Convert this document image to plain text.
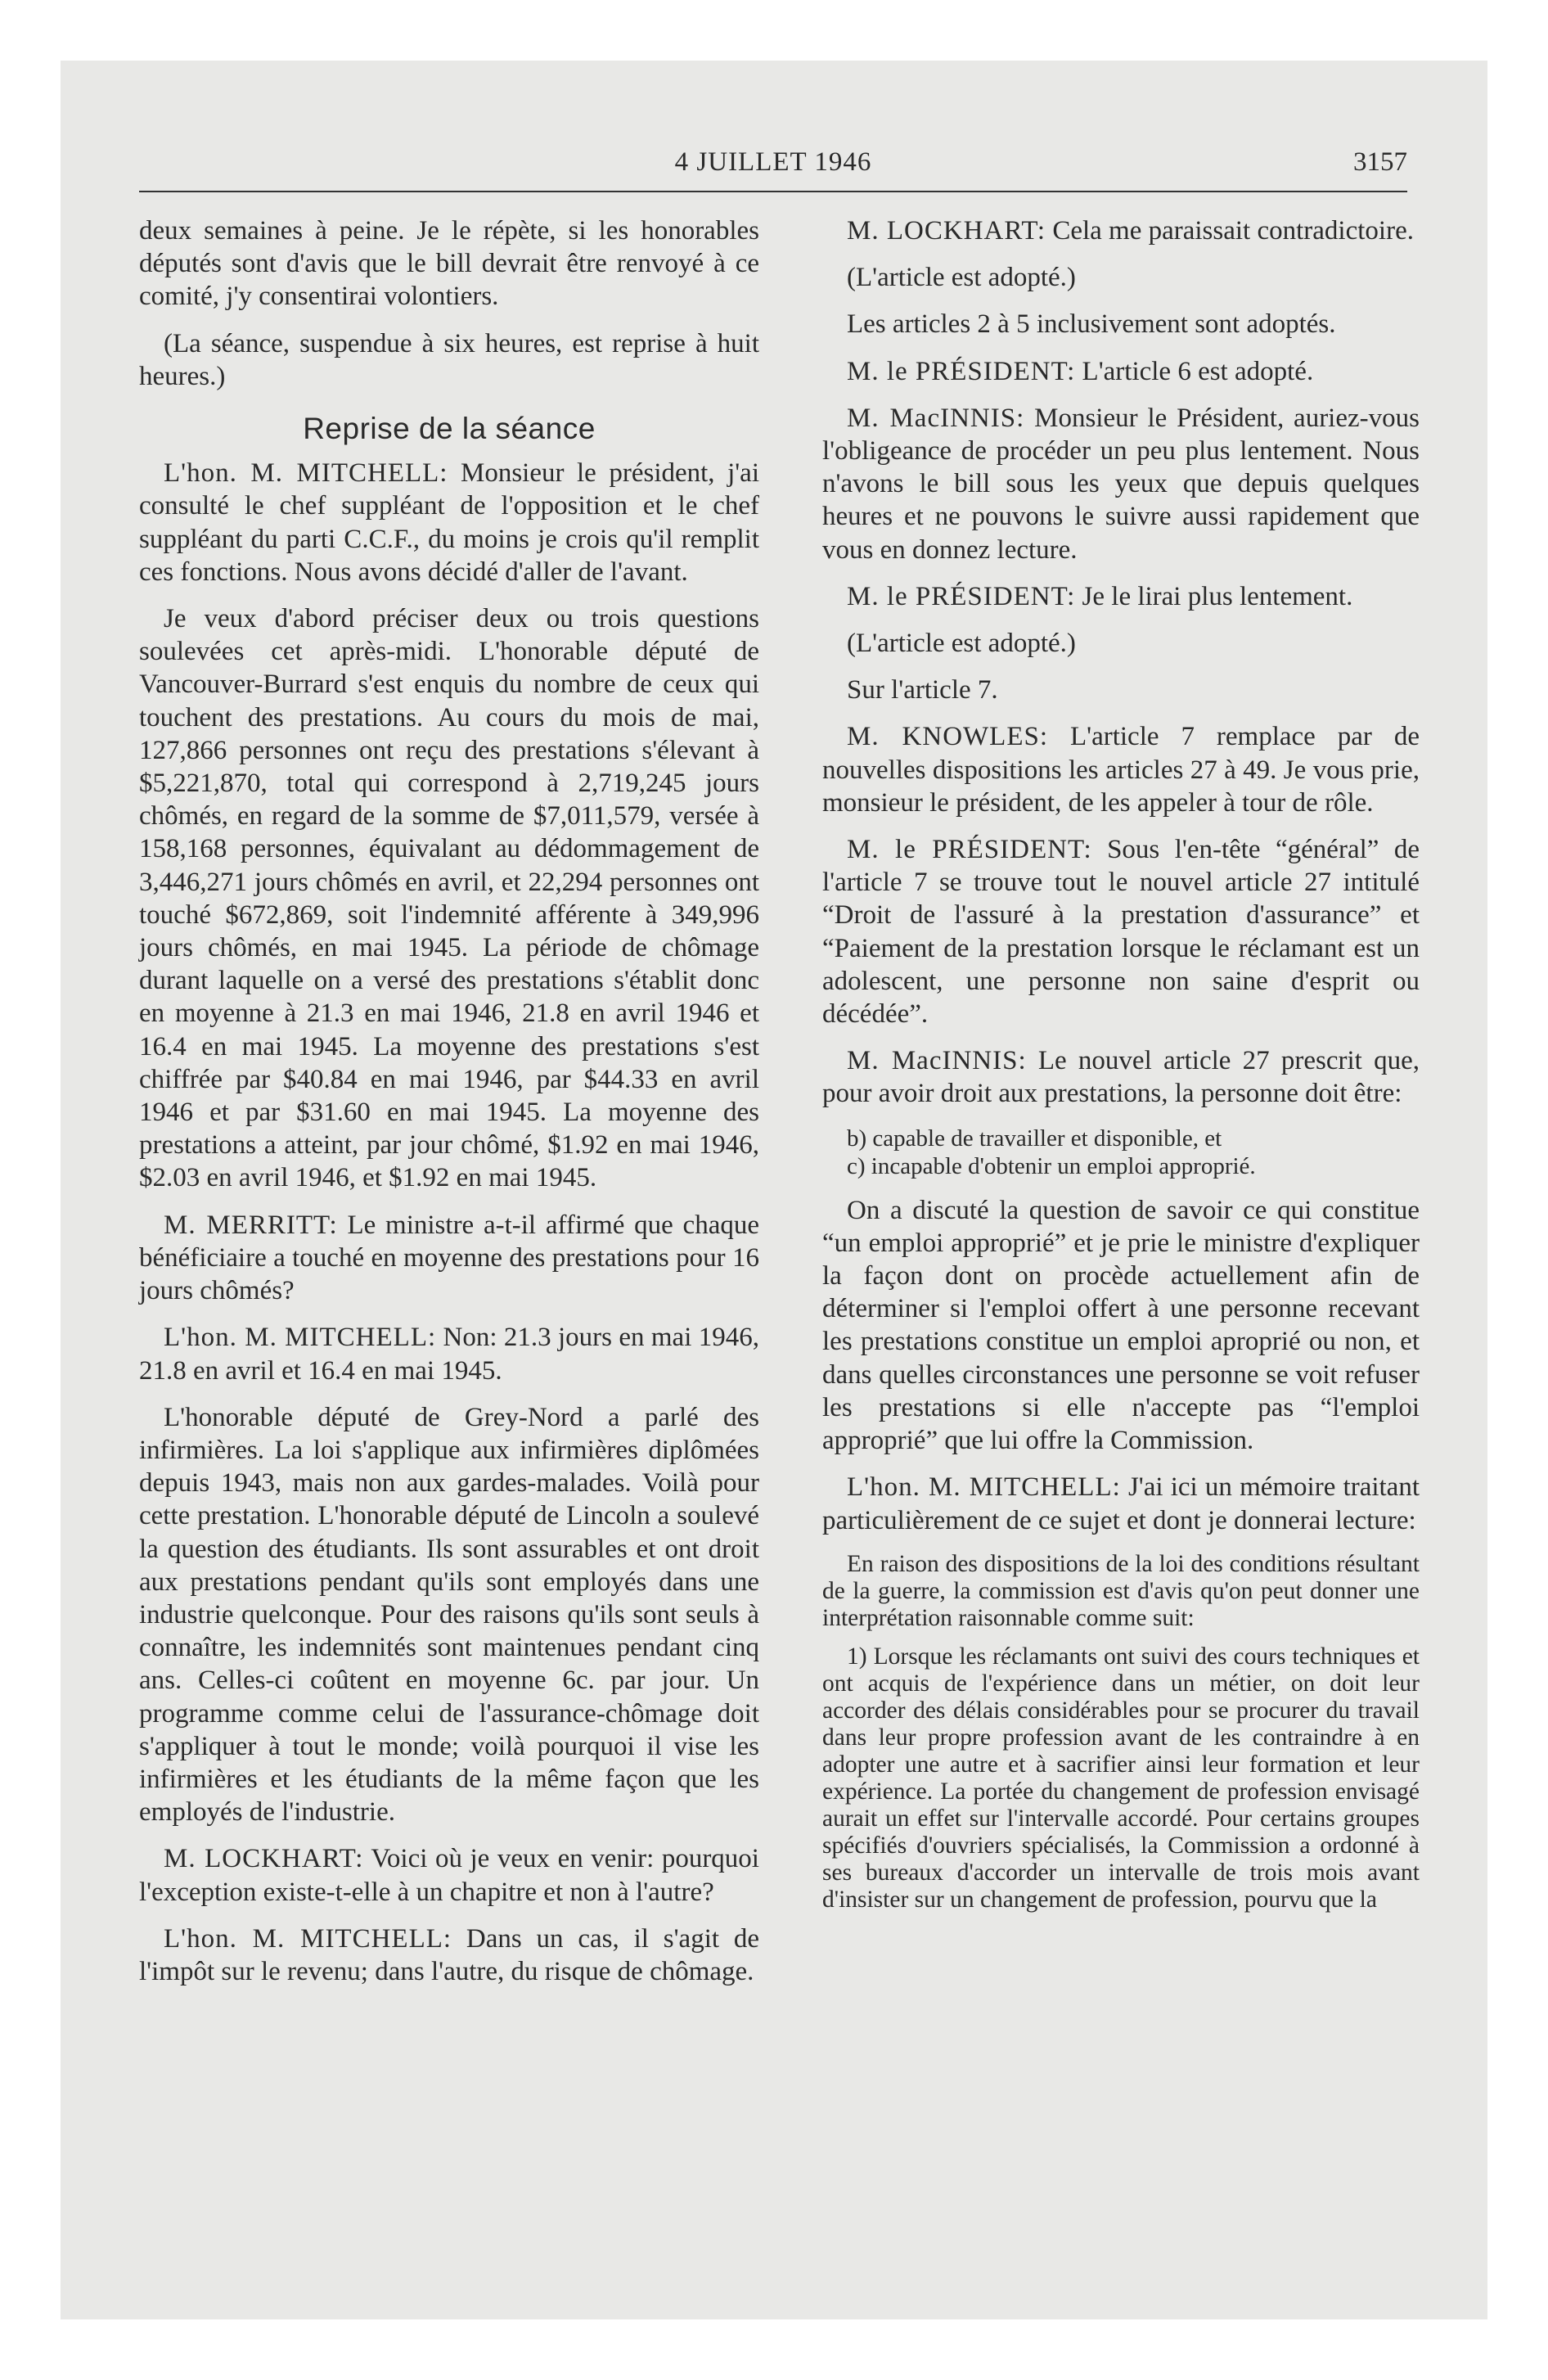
4 JUILLET 1946	3157

deux semaines à peine. Je le répète, si les honorables députés sont d'avis que le bill devrait être renvoyé à ce comité, j'y consentirai volontiers.

(La séance, suspendue à six heures, est reprise à huit heures.)

Reprise de la séance

L'hon. M. MITCHELL: Monsieur le président, j'ai consulté le chef suppléant de l'opposition et le chef suppléant du parti C.C.F., du moins je crois qu'il remplit ces fonctions. Nous avons décidé d'aller de l'avant.

Je veux d'abord préciser deux ou trois questions soulevées cet après-midi. L'honorable député de Vancouver-Burrard s'est enquis du nombre de ceux qui touchent des prestations. Au cours du mois de mai, 127,866 personnes ont reçu des prestations s'élevant à $5,221,870, total qui correspond à 2,719,245 jours chômés, en regard de la somme de $7,011,579, versée à 158,168 personnes, équivalant au dédommagement de 3,446,271 jours chômés en avril, et 22,294 personnes ont touché $672,869, soit l'indemnité afférente à 349,996 jours chômés, en mai 1945. La période de chômage durant laquelle on a versé des prestations s'établit donc en moyenne à 21.3 en mai 1946, 21.8 en avril 1946 et 16.4 en mai 1945. La moyenne des prestations s'est chiffrée par $40.84 en mai 1946, par $44.33 en avril 1946 et par $31.60 en mai 1945. La moyenne des prestations a atteint, par jour chômé, $1.92 en mai 1946, $2.03 en avril 1946, et $1.92 en mai 1945.

M. MERRITT: Le ministre a-t-il affirmé que chaque bénéficiaire a touché en moyenne des prestations pour 16 jours chômés?

L'hon. M. MITCHELL: Non: 21.3 jours en mai 1946, 21.8 en avril et 16.4 en mai 1945.

L'honorable député de Grey-Nord a parlé des infirmières. La loi s'applique aux infirmières diplômées depuis 1943, mais non aux gardes-malades. Voilà pour cette prestation. L'honorable député de Lincoln a soulevé la question des étudiants. Ils sont assurables et ont droit aux prestations pendant qu'ils sont employés dans une industrie quelconque. Pour des raisons qu'ils sont seuls à connaître, les indemnités sont maintenues pendant cinq ans. Celles-ci coûtent en moyenne 6c. par jour. Un programme comme celui de l'assurance-chômage doit s'appliquer à tout le monde; voilà pourquoi il vise les infirmières et les étudiants de la même façon que les employés de l'industrie.

M. LOCKHART: Voici où je veux en venir: pourquoi l'exception existe-t-elle à un chapitre et non à l'autre?

L'hon. M. MITCHELL: Dans un cas, il s'agit de l'impôt sur le revenu; dans l'autre, du risque de chômage.

M. LOCKHART: Cela me paraissait contradictoire.

(L'article est adopté.)

Les articles 2 à 5 inclusivement sont adoptés.

M. le PRÉSIDENT: L'article 6 est adopté.

M. MacINNIS: Monsieur le Président, auriez-vous l'obligeance de procéder un peu plus lentement. Nous n'avons le bill sous les yeux que depuis quelques heures et ne pouvons le suivre aussi rapidement que vous en donnez lecture.

M. le PRÉSIDENT: Je le lirai plus lentement.

(L'article est adopté.)

Sur l'article 7.

M. KNOWLES: L'article 7 remplace par de nouvelles dispositions les articles 27 à 49. Je vous prie, monsieur le président, de les appeler à tour de rôle.

M. le PRÉSIDENT: Sous l'en-tête “général” de l'article 7 se trouve tout le nouvel article 27 intitulé “Droit de l'assuré à la prestation d'assurance” et “Paiement de la prestation lorsque le réclamant est un adolescent, une personne non saine d'esprit ou décédée”.

M. MacINNIS: Le nouvel article 27 prescrit que, pour avoir droit aux prestations, la personne doit être:

b) capable de travailler et disponible, et
c) incapable d'obtenir un emploi approprié.

On a discuté la question de savoir ce qui constitue “un emploi approprié” et je prie le ministre d'expliquer la façon dont on procède actuellement afin de déterminer si l'emploi offert à une personne recevant les prestations constitue un emploi aproprié ou non, et dans quelles circonstances une personne se voit refuser les prestations si elle n'accepte pas “l'emploi approprié” que lui offre la Commission.

L'hon. M. MITCHELL: J'ai ici un mémoire traitant particulièrement de ce sujet et dont je donnerai lecture:

En raison des dispositions de la loi des conditions résultant de la guerre, la commission est d'avis qu'on peut donner une interprétation raisonnable comme suit:
1) Lorsque les réclamants ont suivi des cours techniques et ont acquis de l'expérience dans un métier, on doit leur accorder des délais considérables pour se procurer du travail dans leur propre profession avant de les contraindre à en adopter une autre et à sacrifier ainsi leur formation et leur expérience. La portée du changement de profession envisagé aurait un effet sur l'intervalle accordé. Pour certains groupes spécifiés d'ouvriers spécialisés, la Commission a ordonné à ses bureaux d'accorder un intervalle de trois mois avant d'insister sur un changement de profession, pourvu que la
